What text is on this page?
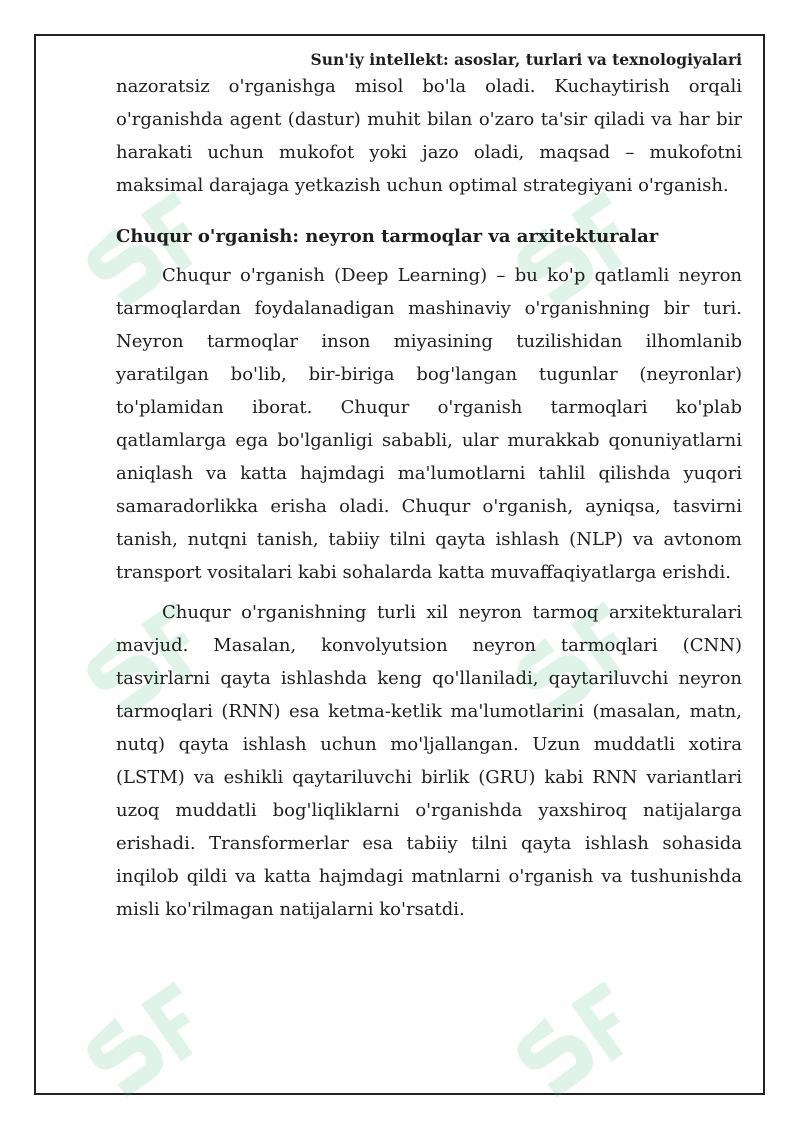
Sun'iy intellekt: asoslar, turlari va texnologiyalari

nazoratsiz o'rganishga misol bo'la oladi. Kuchaytirish orqali o'rganishda agent (dastur) muhit bilan o'zaro ta'sir qiladi va har bir harakati uchun mukofot yoki jazo oladi, maqsad – mukofotni maksimal darajaga yetkazish uchun optimal strategiyani o'rganish.

Chuqur o'rganish: neyron tarmoqlar va arxitekturalar

Chuqur o'rganish (Deep Learning) – bu ko'p qatlamli neyron tarmoqlardan foydalanadigan mashinaviy o'rganishning bir turi. Neyron tarmoqlar inson miyasining tuzilishidan ilhomlanib yaratilgan bo'lib, bir-biriga bog'langan tugunlar (neyronlar) to'plamidan iborat. Chuqur o'rganish tarmoqlari ko'plab qatlamlarga ega bo'lganligi sababli, ular murakkab qonuniyatlarni aniqlash va katta hajmdagi ma'lumotlarni tahlil qilishda yuqori samaradorlikka erisha oladi. Chuqur o'rganish, ayniqsa, tasvirni tanish, nutqni tanish, tabiiy tilni qayta ishlash (NLP) va avtonom transport vositalari kabi sohalarda katta muvaffaqiyatlarga erishdi.

Chuqur o'rganishning turli xil neyron tarmoq arxitekturalari mavjud. Masalan, konvolyutsion neyron tarmoqlari (CNN) tasvirlarni qayta ishlashda keng qo'llaniladi, qaytariluvchi neyron tarmoqlari (RNN) esa ketma-ketlik ma'lumotlarini (masalan, matn, nutq) qayta ishlash uchun mo'ljallangan. Uzun muddatli xotira (LSTM) va eshikli qaytariluvchi birlik (GRU) kabi RNN variantlari uzoq muddatli bog'liqliklarni o'rganishda yaxshiroq natijalarga erishadi. Transformerlar esa tabiiy tilni qayta ishlash sohasida inqilob qildi va katta hajmdagi matnlarni o'rganish va tushunishda misli ko'rilmagan natijalarni ko'rsatdi.
